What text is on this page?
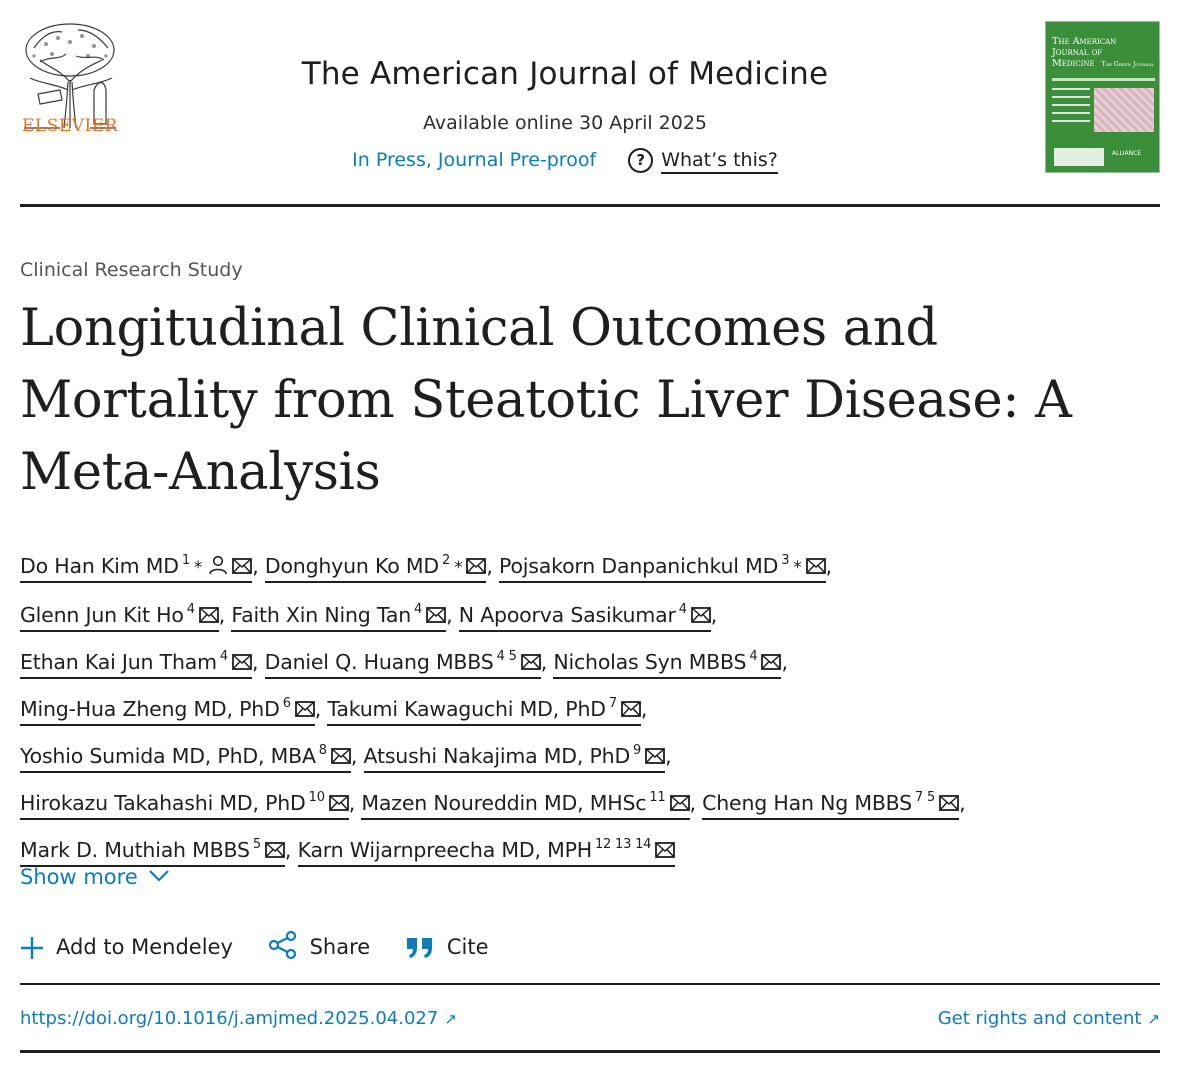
ELSEVIER
The American Journal of Medicine
Available online 30 April 2025
In Press, Journal Pre-proof	? What’s this?
The American
Journal of
Medicine The Green Journal
ALLIANCE
Clinical Research Study
Longitudinal Clinical Outcomes and Mortality from Steatotic Liver Disease: A Meta-Analysis
Do Han Kim MD $^1$ * , Donghyun Ko MD $^2$ * , Pojsakorn Danpanichkul MD $^3$ * ,
Glenn Jun Kit Ho $^4$ , Faith Xin Ning Tan $^4$ , N Apoorva Sasikumar $^4$ ,
Ethan Kai Jun Tham $^4$ , Daniel Q. Huang MBBS $^{4 5}$ , Nicholas Syn MBBS $^4$ ,
Ming-Hua Zheng MD, PhD $^6$ , Takumi Kawaguchi MD, PhD $^7$ ,
Yoshio Sumida MD, PhD, MBA $^8$ , Atsushi Nakajima MD, PhD $^9$ ,
Hirokazu Takahashi MD, PhD $^{10}$ , Mazen Noureddin MD, MHSc $^{11}$ , Cheng Han Ng MBBS $^{7 5}$ ,
Mark D. Muthiah MBBS $^5$ , Karn Wijarnpreecha MD, MPH $^{12 13 14}$
Show more
Add to Mendeley	Share	Cite
https://doi.org/10.1016/j.amjmed.2025.04.027 ↗	Get rights and content ↗
